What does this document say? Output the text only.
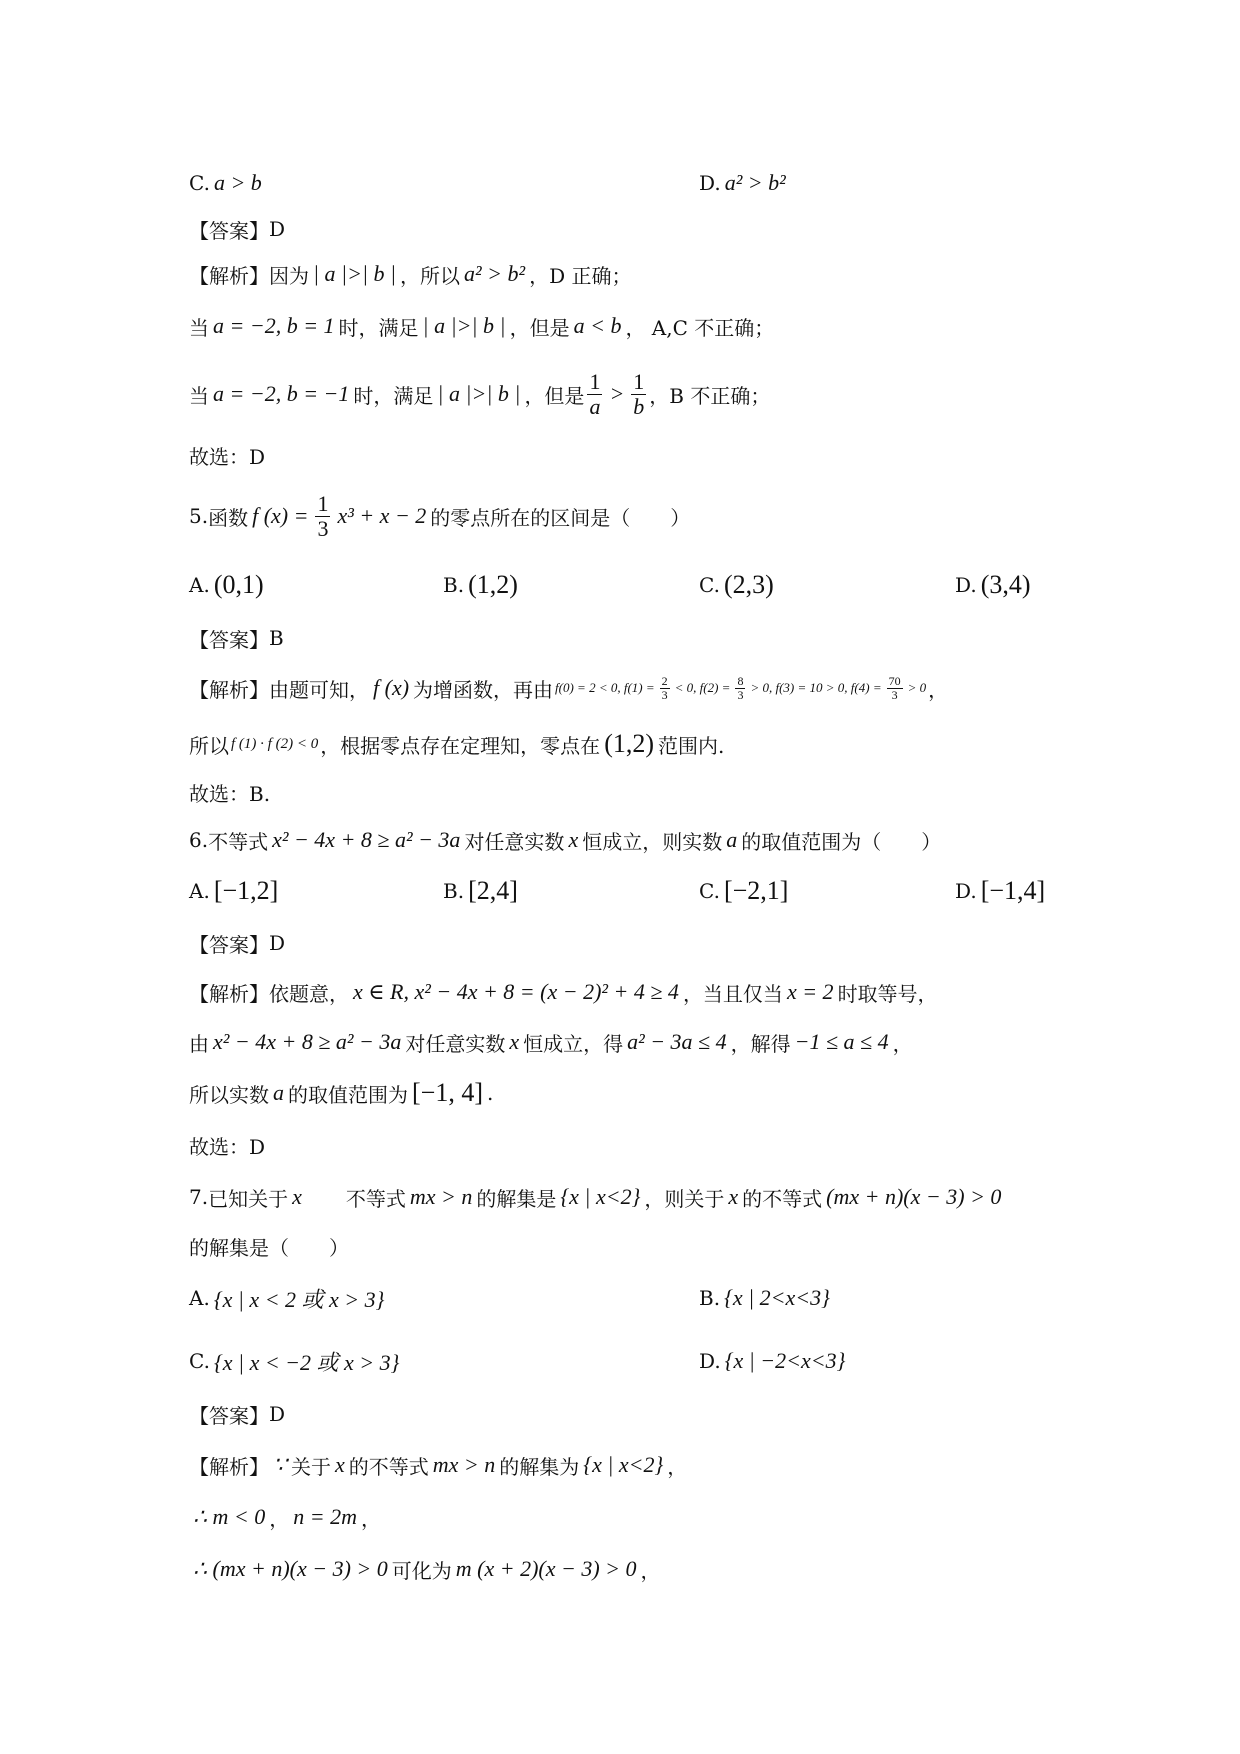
C. a > b	D. a² > b²
【答案】 D
【解析】 因为 | a |>| b | ，所以 a² > b² ，D 正确；
当 a = −2, b = 1 时，满足 | a |>| b | ，但是 a < b ， A,C 不正确；
当 a = −2, b = −1 时，满足 | a |>| b | ，但是 $\frac{1}{a} > \frac{1}{b}$ ，B 不正确；
故选：D
5. 函数 f $(x) = \frac{1}{3} x^3 + x - 2$ 的零点所在的区间是（　　）
A. (0,1)	B. (1,2)	C. (2,3)	D. (3,4)
【答案】 B
【解析】 由题可知， f (x) 为增函数，再由 f(0) = 2 < 0, $f(1) = \frac{2}{3} < 0$, $f(2) = \frac{8}{3} > 0$, f(3) = 10 > 0, $f(4) = \frac{70}{3} > 0$ ，
所以 f (1) · f (2) < 0 ，根据零点存在定理知，零点在 (1,2) 范围内.
故选：B.
6. 不等式 x² − 4x + 8 ≥ a² − 3a 对任意实数 x 恒成立，则实数 a 的取值范围为（　　）
A. [−1,2]	B. [2,4]	C. [−2,1]	D. [−1,4]
【答案】 D
【解析】 依题意， x ∈ R, x² − 4x + 8 = (x − 2)² + 4 ≥ 4 ，当且仅当 x = 2 时取等号，
由 x² − 4x + 8 ≥ a² − 3a 对任意实数 x 恒成立，得 a² − 3a ≤ 4 ，解得 −1 ≤ a ≤ 4 ，
所以实数 a 的取值范围为 [−1, 4] .
故选：D
7. 已知关于 x 　　不等式 mx > n 的解集是 {x | x<2} ，则关于 x 的不等式 (mx + n)(x − 3) > 0
的解集是（　　）
A. {x | x < 2 或 x > 3}	B. {x | 2<x<3}
C. {x | x < −2 或 x > 3}	D. {x | −2<x<3}
【答案】 D
【解析】 ∵ 关于 x 的不等式 mx > n 的解集为 {x | x<2} ，
∴ m < 0 ， n = 2m ，
∴ (mx + n)(x − 3) > 0 可化为 m (x + 2)(x − 3) > 0 ，
